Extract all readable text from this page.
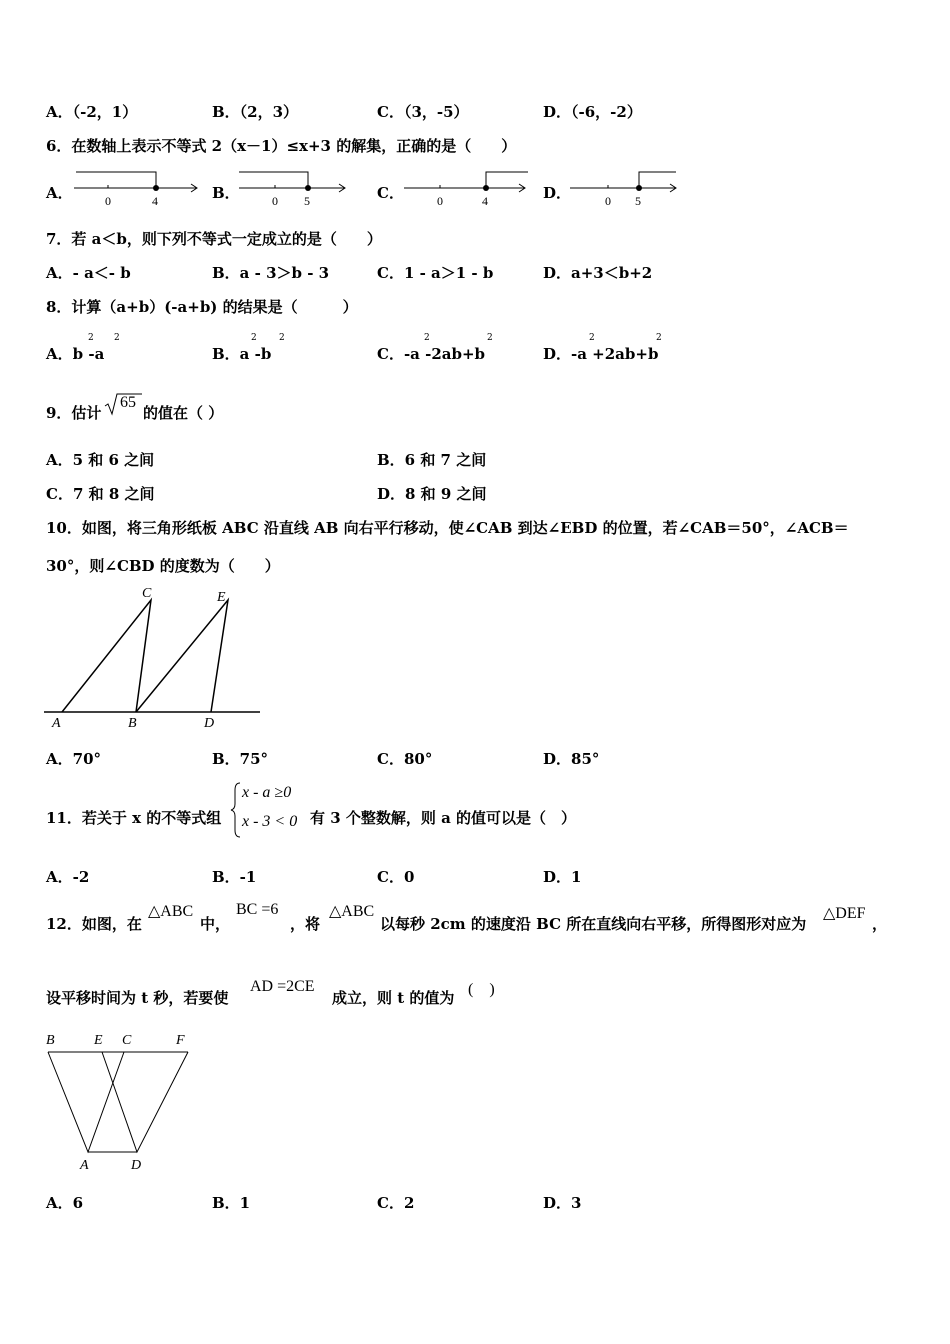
A．（-2，1）	B．（2，3）	C．（3，-5）	D．（-6，-2）
6．在数轴上表示不等式 2（x－1）≤x+3 的解集，正确的是（　　）
A．	0	4	B．	0 5	C．	0	4	D．	0 5
7．若 a＜b，则下列不等式一定成立的是（　　）
A．- a＜- b	B．a - 3＞b - 3	C．1 - a＞1 - b	D．a+3＜b+2
8．计算（a+b）(-a+b) 的结果是（　　　）
A．b -a
2 2
B．a -b
2 2
C．-a -2ab+b
2	2
D．-a +2ab+b
2	2
9．估计
65
的值在（ ）
A．5 和 6 之间	B．6 和 7 之间
C．7 和 8 之间	D．8 和 9 之间
10．如图，将三角形纸板 ABC 沿直线 AB 向右平行移动，使∠CAB 到达∠EBD 的位置，若∠CAB＝50°，∠ACB＝
30°，则∠CBD 的度数为（　　）
A	B	D
C	E
A．70°	B．75°	C．80°	D．85°
11．若关于 x 的不等式组
x - a ≥0
x - 3 < 0 有 3 个整数解，则 a 的值可以是（　）
A．-2	B．-1	C．0	D．1
12．如图，在
△ABC
中，
BC =6
，将
△ABC
以每秒 2cm 的速度沿 BC 所在直线向右平移，所得图形对应为
△DEF
，
设平移时间为 t 秒，若要使
AD =2CE
成立，则 t 的值为 (　)
B	E C	F
A	D
A．6	B．1	C．2	D．3
